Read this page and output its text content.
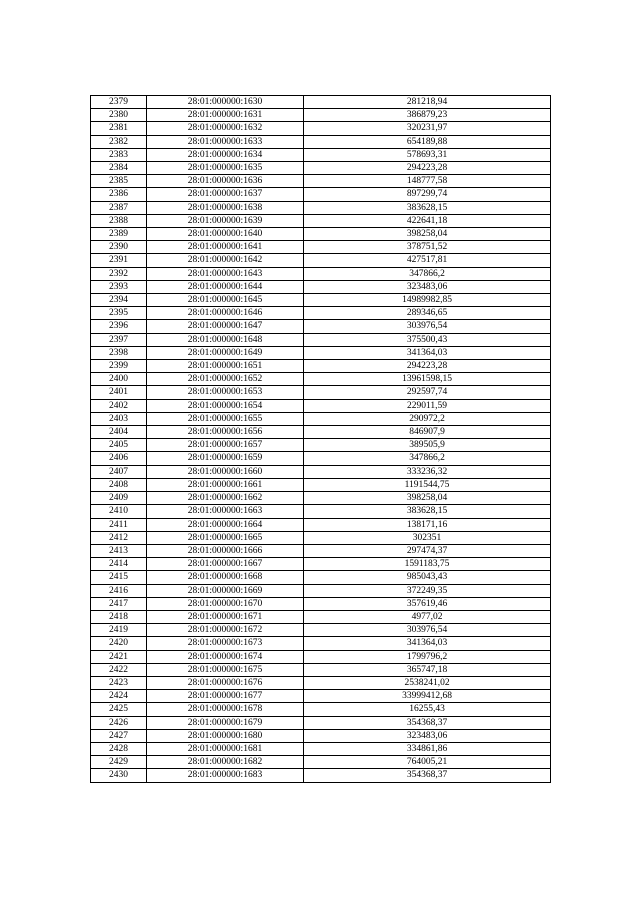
2379	28:01:000000:1630	281218,94
2380	28:01:000000:1631	386879,23
2381	28:01:000000:1632	320231,97
2382	28:01:000000:1633	654189,88
2383	28:01:000000:1634	578693,31
2384	28:01:000000:1635	294223,28
2385	28:01:000000:1636	148777,58
2386	28:01:000000:1637	897299,74
2387	28:01:000000:1638	383628,15
2388	28:01:000000:1639	422641,18
2389	28:01:000000:1640	398258,04
2390	28:01:000000:1641	378751,52
2391	28:01:000000:1642	427517,81
2392	28:01:000000:1643	347866,2
2393	28:01:000000:1644	323483,06
2394	28:01:000000:1645	14989982,85
2395	28:01:000000:1646	289346,65
2396	28:01:000000:1647	303976,54
2397	28:01:000000:1648	375500,43
2398	28:01:000000:1649	341364,03
2399	28:01:000000:1651	294223,28
2400	28:01:000000:1652	13961598,15
2401	28:01:000000:1653	292597,74
2402	28:01:000000:1654	229011,59
2403	28:01:000000:1655	290972,2
2404	28:01:000000:1656	846907,9
2405	28:01:000000:1657	389505,9
2406	28:01:000000:1659	347866,2
2407	28:01:000000:1660	333236,32
2408	28:01:000000:1661	1191544,75
2409	28:01:000000:1662	398258,04
2410	28:01:000000:1663	383628,15
2411	28:01:000000:1664	138171,16
2412	28:01:000000:1665	302351
2413	28:01:000000:1666	297474,37
2414	28:01:000000:1667	1591183,75
2415	28:01:000000:1668	985043,43
2416	28:01:000000:1669	372249,35
2417	28:01:000000:1670	357619,46
2418	28:01:000000:1671	4977,02
2419	28:01:000000:1672	303976,54
2420	28:01:000000:1673	341364,03
2421	28:01:000000:1674	1799796,2
2422	28:01:000000:1675	365747,18
2423	28:01:000000:1676	2538241,02
2424	28:01:000000:1677	33999412,68
2425	28:01:000000:1678	16255,43
2426	28:01:000000:1679	354368,37
2427	28:01:000000:1680	323483,06
2428	28:01:000000:1681	334861,86
2429	28:01:000000:1682	764005,21
2430	28:01:000000:1683	354368,37
